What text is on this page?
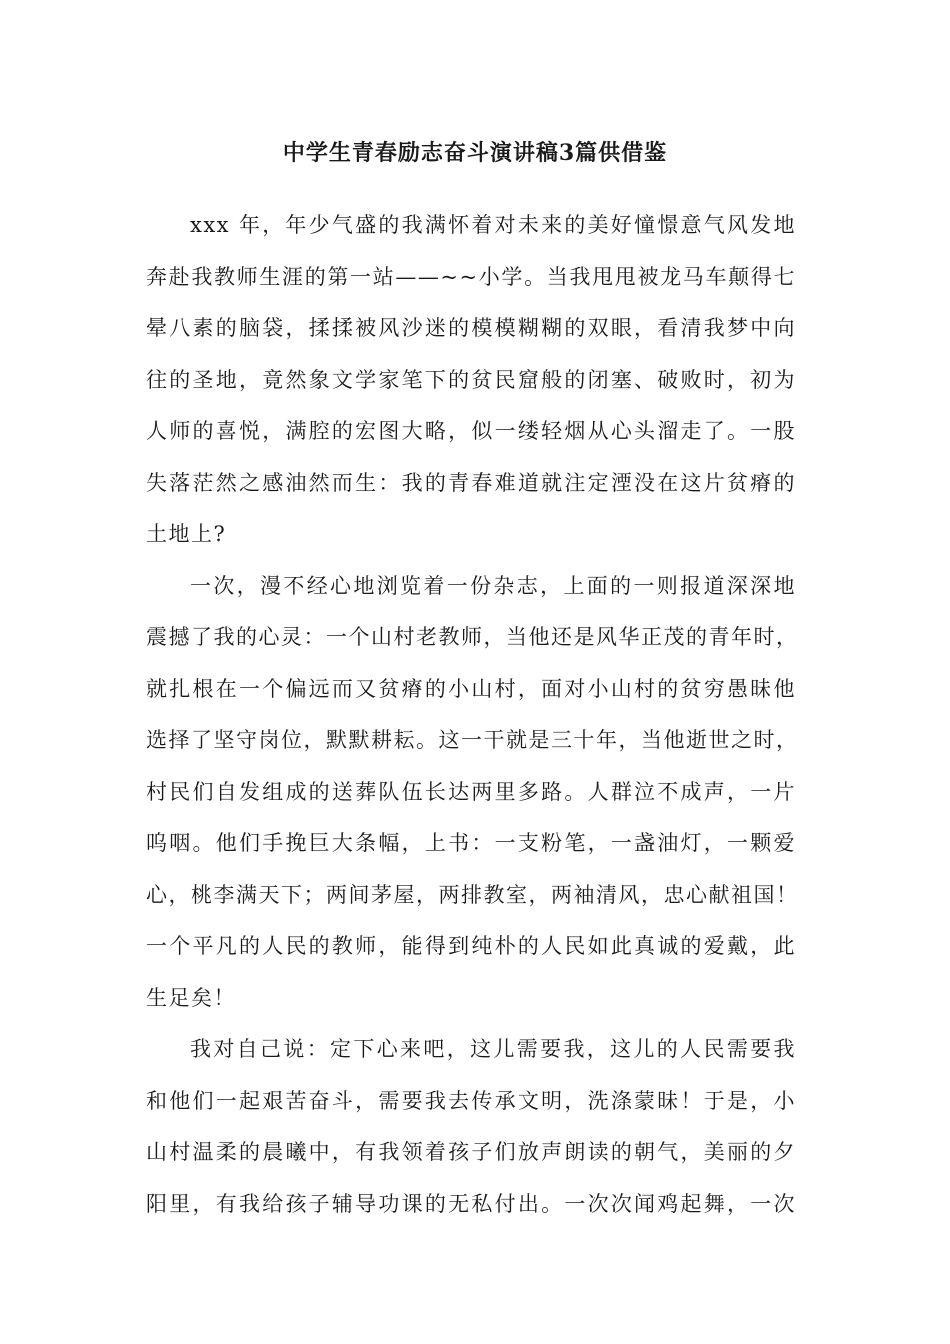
中学生青春励志奋斗演讲稿3篇供借鉴
xxx 年，年少气盛的我满怀着对未来的美好憧憬意气风发地
奔赴我教师生涯的第一站——~~小学。当我甩甩被龙马车颠得七
晕八素的脑袋，揉揉被风沙迷的模模糊糊的双眼，看清我梦中向
往的圣地，竟然象文学家笔下的贫民窟般的闭塞、破败时，初为
人师的喜悦，满腔的宏图大略，似一缕轻烟从心头溜走了。一股
失落茫然之感油然而生：我的青春难道就注定湮没在这片贫瘠的
土地上?
一次，漫不经心地浏览着一份杂志，上面的一则报道深深地
震撼了我的心灵：一个山村老教师，当他还是风华正茂的青年时，
就扎根在一个偏远而又贫瘠的小山村，面对小山村的贫穷愚昧他
选择了坚守岗位，默默耕耘。这一干就是三十年，当他逝世之时，
村民们自发组成的送葬队伍长达两里多路。人群泣不成声，一片
呜咽。他们手挽巨大条幅，上书：一支粉笔，一盏油灯，一颗爱
心，桃李满天下；两间茅屋，两排教室，两袖清风，忠心献祖国！
一个平凡的人民的教师，能得到纯朴的人民如此真诚的爱戴，此
生足矣！
我对自己说：定下心来吧，这儿需要我，这儿的人民需要我
和他们一起艰苦奋斗，需要我去传承文明，洗涤蒙昧！于是，小
山村温柔的晨曦中，有我领着孩子们放声朗读的朝气，美丽的夕
阳里，有我给孩子辅导功课的无私付出。一次次闻鸡起舞，一次
